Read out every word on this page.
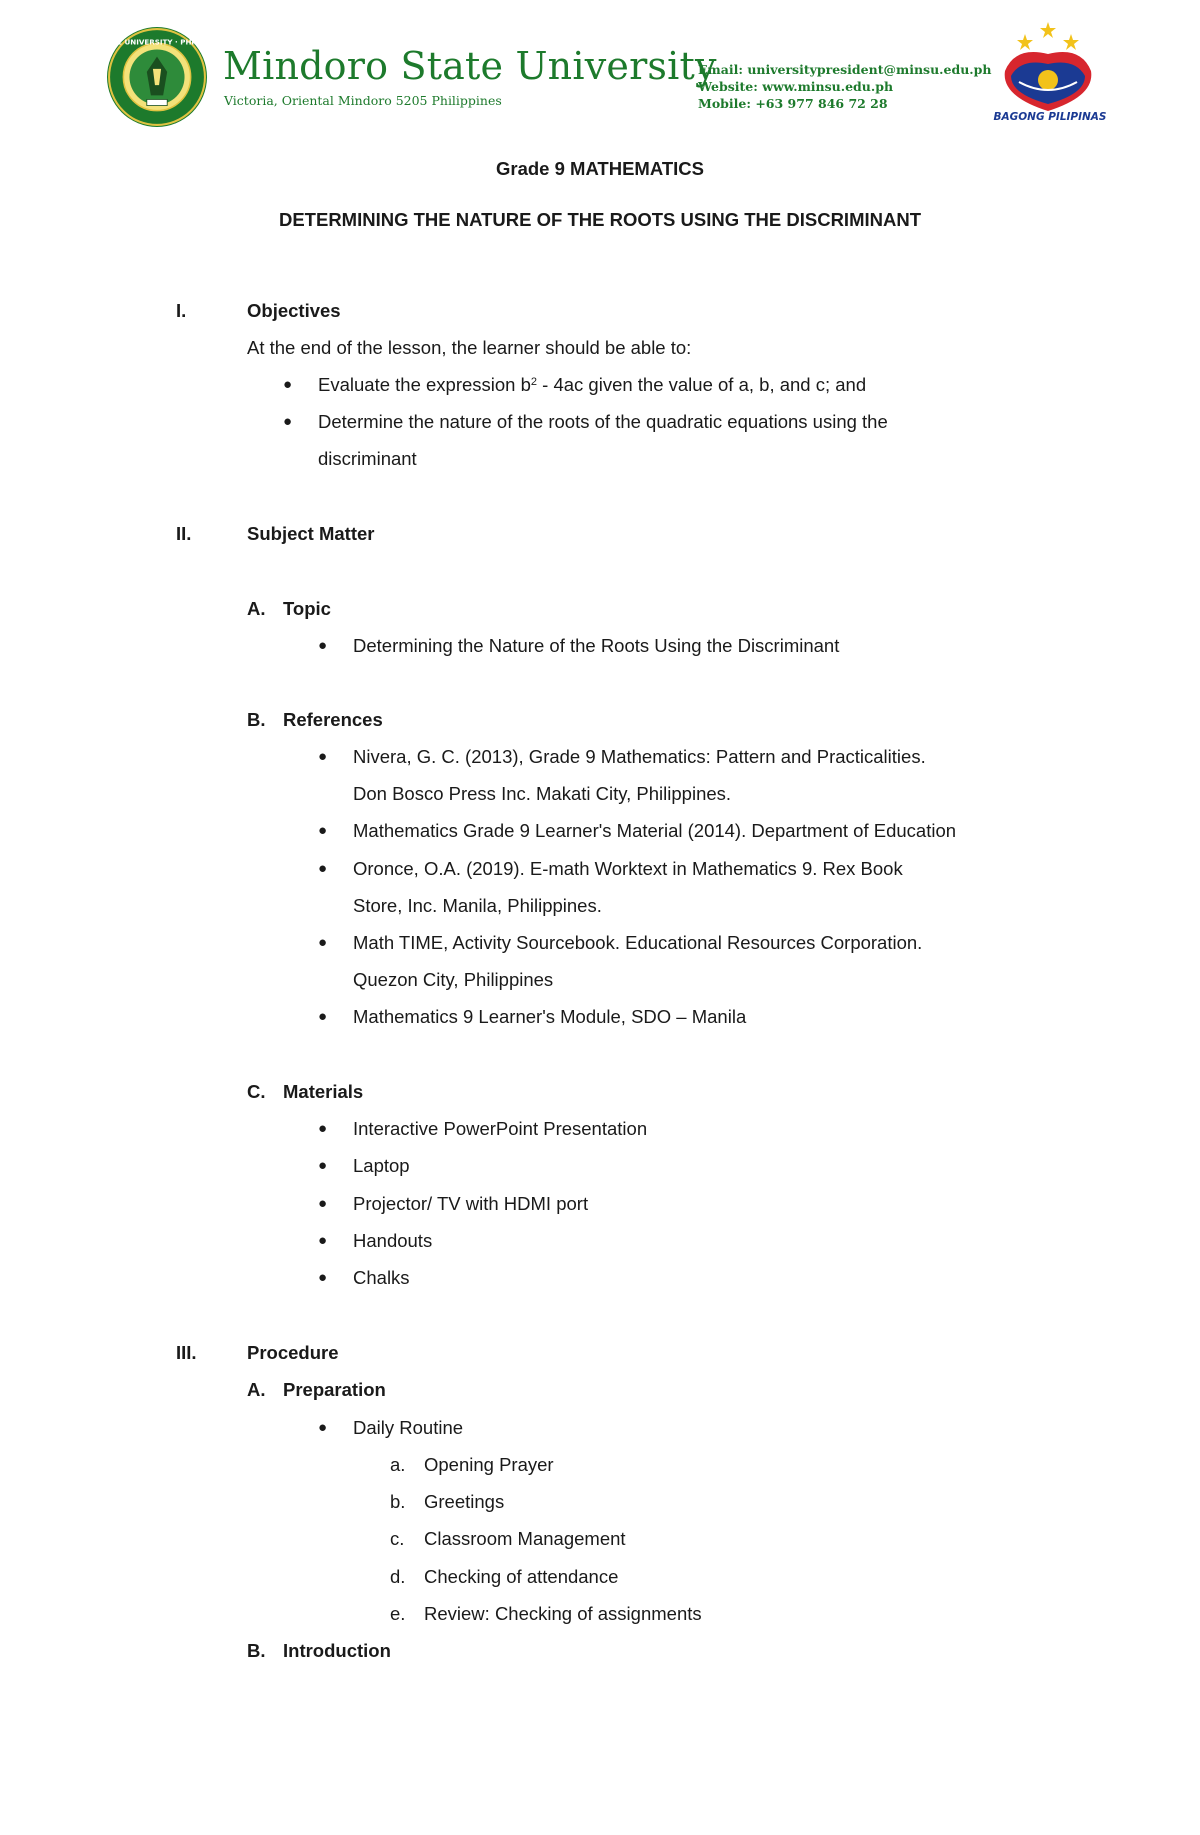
MINDORO STATE UNIVERSITY · PHILIPPINES · 1951
Mindoro State University
Victoria, Oriental Mindoro 5205 Philippines
Email: universitypresident@minsu.edu.ph
Website: www.minsu.edu.ph
Mobile: +63 977 846 72 28
BAGONG PILIPINAS
Grade 9 MATHEMATICS
DETERMINING THE NATURE OF THE ROOTS USING THE DISCRIMINANT
I.	Objectives
At the end of the lesson, the learner should be able to:
● Evaluate the expression $b^2 - 4ac$ given the value of a, b, and c; and
● Determine the nature of the roots of the quadratic equations using the
discriminant
II.	Subject Matter
A. Topic
● Determining the Nature of the Roots Using the Discriminant
B. References
● Nivera, G. C. (2013), Grade 9 Mathematics: Pattern and Practicalities.
Don Bosco Press Inc. Makati City, Philippines.
● Mathematics Grade 9 Learner's Material (2014). Department of Education
● Oronce, O.A. (2019). E-math Worktext in Mathematics 9. Rex Book
Store, Inc. Manila, Philippines.
● Math TIME, Activity Sourcebook. Educational Resources Corporation.
Quezon City, Philippines
● Mathematics 9 Learner's Module, SDO – Manila
C. Materials
● Interactive PowerPoint Presentation
● Laptop
● Projector/ TV with HDMI port
● Handouts
● Chalks
III.	Procedure
A. Preparation
● Daily Routine
a. Opening Prayer
b. Greetings
c. Classroom Management
d. Checking of attendance
e. Review: Checking of assignments
B. Introduction
